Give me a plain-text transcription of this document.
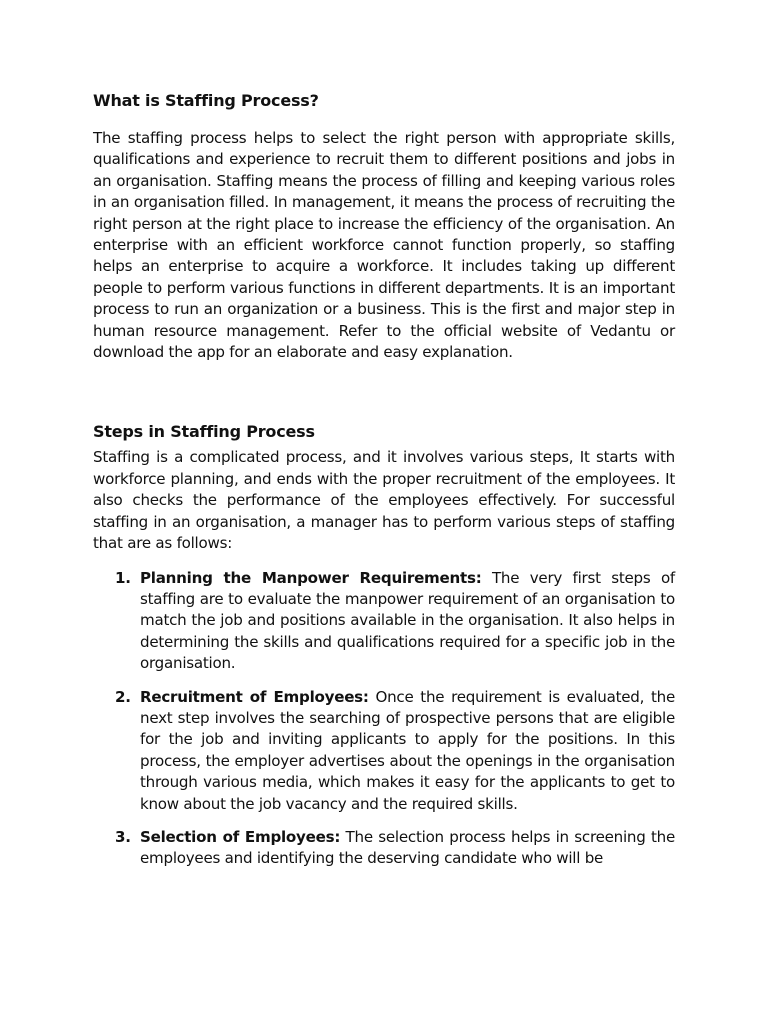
What is Staffing Process?

The staffing process helps to select the right person with appropriate skills, qualifications and experience to recruit them to different positions and jobs in an organisation. Staffing means the process of filling and keeping various roles in an organisation filled. In management, it means the process of recruiting the right person at the right place to increase the efficiency of the organisation. An enterprise with an efficient workforce cannot function properly, so staffing helps an enterprise to acquire a workforce. It includes taking up different people to perform various functions in different departments. It is an important process to run an organization or a business. This is the first and major step in human resource management. Refer to the official website of Vedantu or download the app for an elaborate and easy explanation.

Steps in Staffing Process

Staffing is a complicated process, and it involves various steps, It starts with workforce planning, and ends with the proper recruitment of the employees. It also checks the performance of the employees effectively. For successful staffing in an organisation, a manager has to perform various steps of staffing that are as follows:

1. Planning the Manpower Requirements: The very first steps of staffing are to evaluate the manpower requirement of an organisation to match the job and positions available in the organisation. It also helps in determining the skills and qualifications required for a specific job in the organisation.
2. Recruitment of Employees: Once the requirement is evaluated, the next step involves the searching of prospective persons that are eligible for the job and inviting applicants to apply for the positions. In this process, the employer advertises about the openings in the organisation through various media, which makes it easy for the applicants to get to know about the job vacancy and the required skills.
3. Selection of Employees: The selection process helps in screening the employees and identifying the deserving candidate who will be
